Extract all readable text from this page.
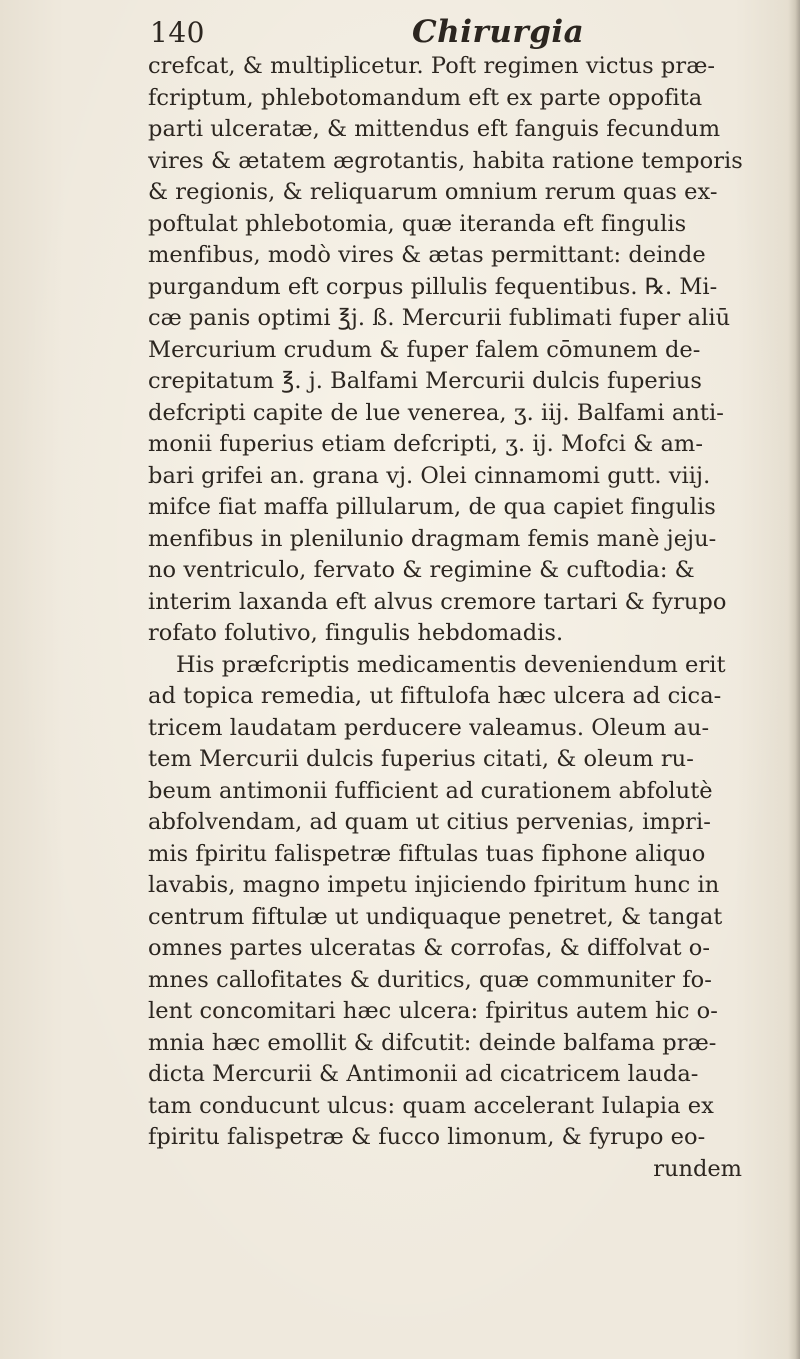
140	Chirurgia
crefcat, & multiplicetur. Poft regimen victus præ-
fcriptum, phlebotomandum eft ex parte oppofita
parti ulceratæ, & mittendus eft fanguis fecundum
vires & ætatem ægrotantis, habita ratione temporis
& regionis, & reliquarum omnium rerum quas ex-
poftulat phlebotomia, quæ iteranda eft fingulis
menfibus, modò vires & ætas permittant: deinde
purgandum eft corpus pillulis fequentibus. ℞. Mi-
cæ panis optimi ℥j. ß. Mercurii fublimati fuper aliū
Mercurium crudum & fuper falem cōmunem de-
crepitatum ℥. j. Balfami Mercurii dulcis fuperius
defcripti capite de lue venerea, ʒ. iij. Balfami anti-
monii fuperius etiam defcripti, ʒ. ij. Mofci & am-
bari grifei an. grana vj. Olei cinnamomi gutt. viij.
mifce fiat maffa pillularum, de qua capiet fingulis
menfibus in plenilunio dragmam femis manè jeju-
no ventriculo, fervato & regimine & cuftodia: &
interim laxanda eft alvus cremore tartari & fyrupo
rofato folutivo, fingulis hebdomadis.
His præfcriptis medicamentis deveniendum erit
ad topica remedia, ut fiftulofa hæc ulcera ad cica-
tricem laudatam perducere valeamus. Oleum au-
tem Mercurii dulcis fuperius citati, & oleum ru-
beum antimonii fufficient ad curationem abfolutè
abfolvendam, ad quam ut citius pervenias, impri-
mis fpiritu falispetræ fiftulas tuas fiphone aliquo
lavabis, magno impetu injiciendo fpiritum hunc in
centrum fiftulæ ut undiquaque penetret, & tangat
omnes partes ulceratas & corrofas, & diffolvat o-
mnes callofitates & duritics, quæ communiter fo-
lent concomitari hæc ulcera: fpiritus autem hic o-
mnia hæc emollit & difcutit: deinde balfama præ-
dicta Mercurii & Antimonii ad cicatricem lauda-
tam conducunt ulcus: quam accelerant Iulapia ex
fpiritu falispetræ & fucco limonum, & fyrupo eo-
rundem
